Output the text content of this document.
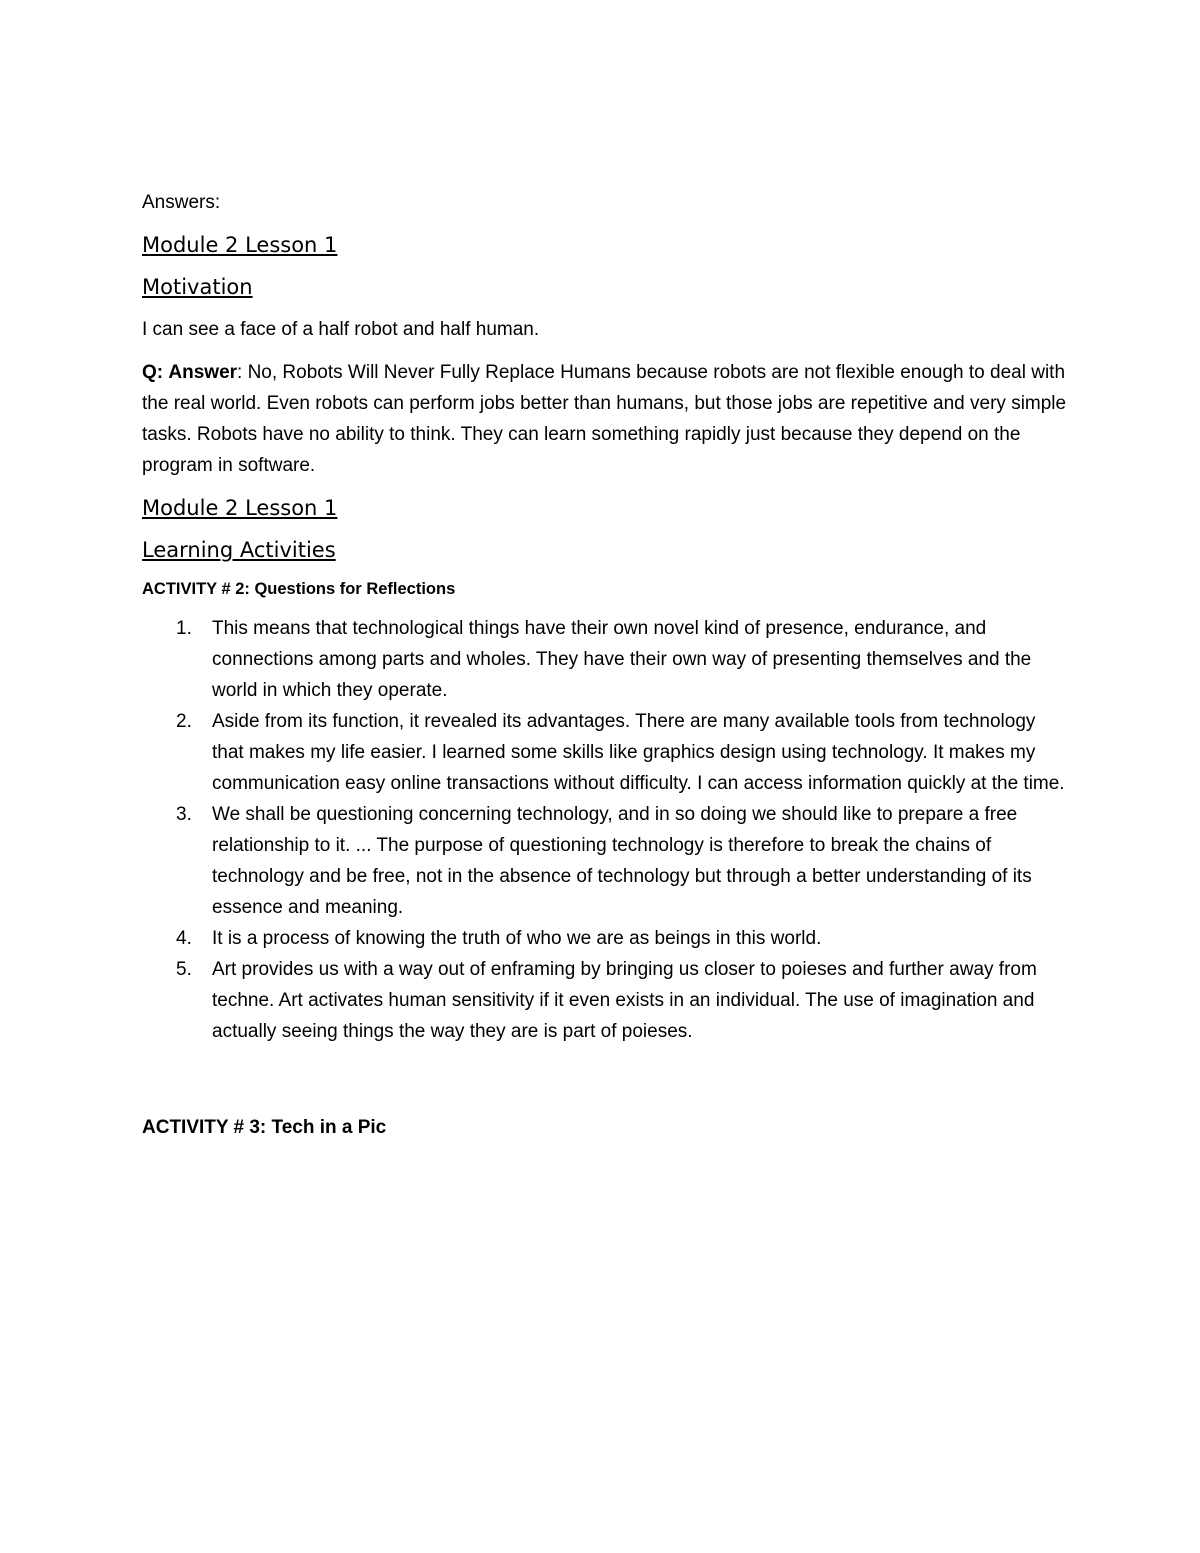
Answers:

Module 2 Lesson 1
Motivation

I can see a face of a half robot and half human.

Q: Answer: No, Robots Will Never Fully Replace Humans because robots are not flexible enough to deal with the real world. Even robots can perform jobs better than humans, but those jobs are repetitive and very simple tasks. Robots have no ability to think. They can learn something rapidly just because they depend on the program in software.

Module 2 Lesson 1
Learning Activities

ACTIVITY # 2: Questions for Reflections

1. This means that technological things have their own novel kind of presence, endurance, and connections among parts and wholes. They have their own way of presenting themselves and the world in which they operate.
2. Aside from its function, it revealed its advantages. There are many available tools from technology that makes my life easier. I learned some skills like graphics design using technology. It makes my communication easy online transactions without difficulty. I can access information quickly at the time.
3. We shall be questioning concerning technology, and in so doing we should like to prepare a free relationship to it. ... The purpose of questioning technology is therefore to break the chains of technology and be free, not in the absence of technology but through a better understanding of its essence and meaning.
4. It is a process of knowing the truth of who we are as beings in this world.
5. Art provides us with a way out of enframing by bringing us closer to poieses and further away from techne. Art activates human sensitivity if it even exists in an individual. The use of imagination and actually seeing things the way they are is part of poieses.

ACTIVITY # 3: Tech in a Pic
